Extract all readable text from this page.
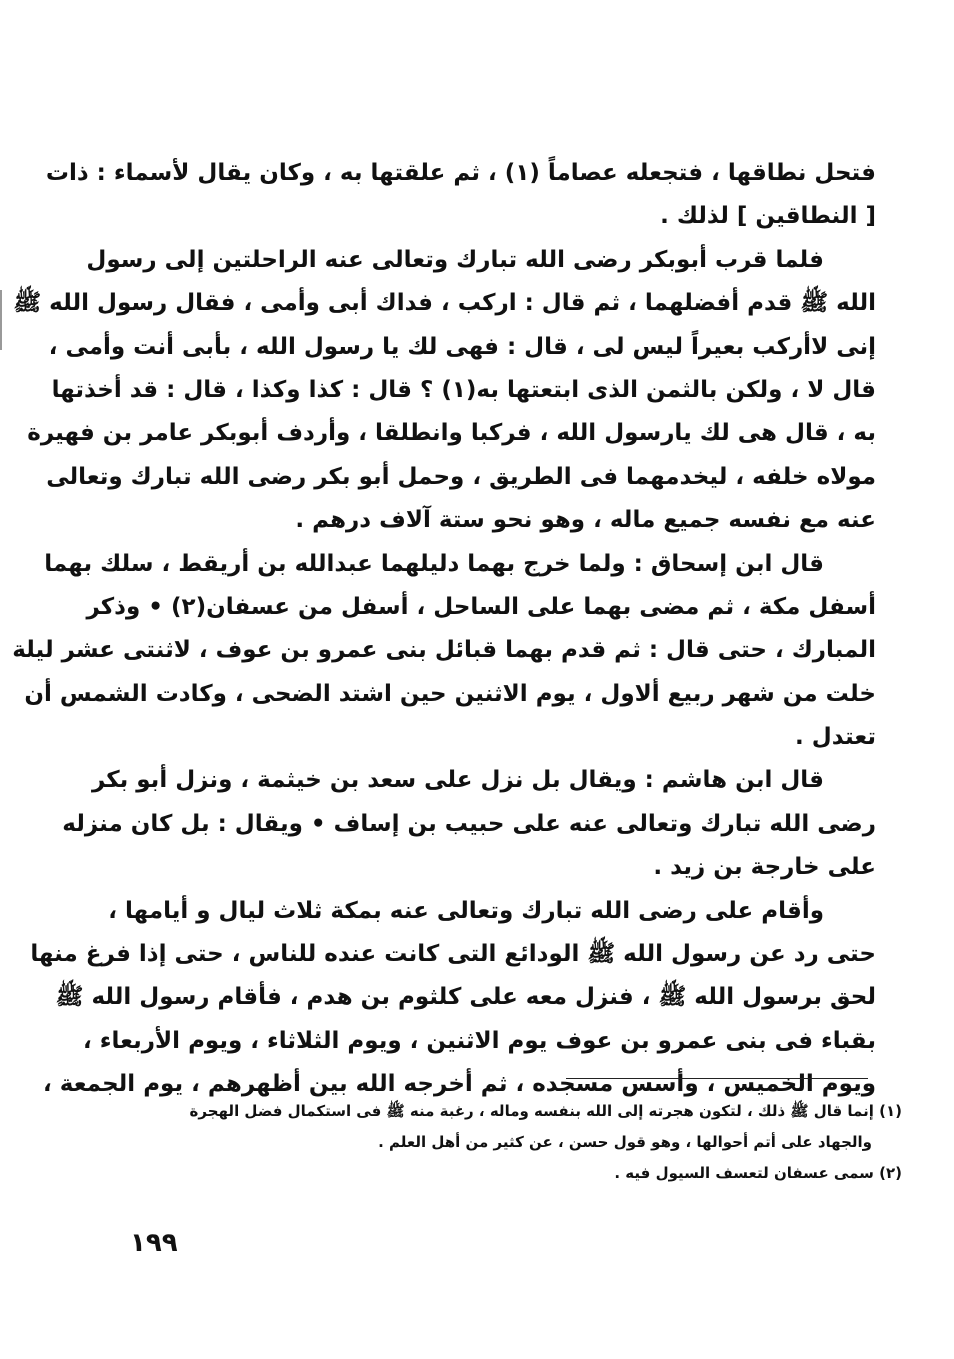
فتحل نطاقها ، فتجعله عصاماً (١) ، ثم علقتها به ، وكان يقال لأسماء : ذات
[ النطاقين ] لذلك .
فلما قرب أبوبكر رضى الله تبارك وتعالى عنه الراحلتين إلى رسول
الله ﷺ قدم أفضلهما ، ثم قال : اركب ، فداك أبى وأمى ، فقال رسول الله ﷺ
إنى لاأركب بعيراً ليس لى ، قال : فهى لك يا رسول الله ، بأبى أنت وأمى ،
قال لا ، ولكن بالثمن الذى ابتعتها به(١) ؟ قال : كذا وكذا ، قال : قد أخذتها
به ، قال هى لك يارسول الله ، فركبا وانطلقا ، وأردف أبوبكر عامر بن فهيرة
مولاه خلفه ، ليخدمهما فى الطريق ، وحمل أبو بكر رضى الله تبارك وتعالى
عنه مع نفسه جميع ماله ، وهو نحو ستة آلاف درهم .
قال ابن إسحاق : ولما خرج بهما دليلهما عبدالله بن أريقط ، سلك بهما
أسفل مكة ، ثم مضى بهما على الساحل ، أسفل من عسفان(٢) • وذكر
المبارك ، حتى قال : ثم قدم بهما قبائل بنى عمرو بن عوف ، لاثنتى عشر ليلة
خلت من شهر ربيع ألاول ، يوم الاثنين حين اشتد الضحى ، وكادت الشمس أن
تعتدل .
قال ابن هاشم : ويقال بل نزل على سعد بن خيثمة ، ونزل أبو بكر
رضى الله تبارك وتعالى عنه على حبيب بن إساف • ويقال : بل كان منزله
على خارجة بن زيد .
وأقام على رضى الله تبارك وتعالى عنه بمكة ثلاث ليال و أيامها ،
حتى رد عن رسول الله ﷺ الودائع التى كانت عنده للناس ، حتى إذا فرغ منها
لحق برسول الله ﷺ ، فنزل معه على كلثوم بن هدم ، فأقام رسول الله ﷺ
بقباء فى بنى عمرو بن عوف يوم الاثنين ، ويوم الثلاثاء ، ويوم الأربعاء ،
ويوم الخميس ، وأسس مسجده ، ثم أخرجه الله بين أظهرهم ، يوم الجمعة ،
(١) إنما قال ﷺ ذلك ، لتكون هجرته إلى الله بنفسه وماله ، رغبة منه ﷺ فى استكمال فضل الهجرة
والجهاد على أتم أحوالها ، وهو قول حسن ، عن كثير من أهل العلم .
(٢) سمى عسفان لتعسف السيول فيه .
١٩٩
